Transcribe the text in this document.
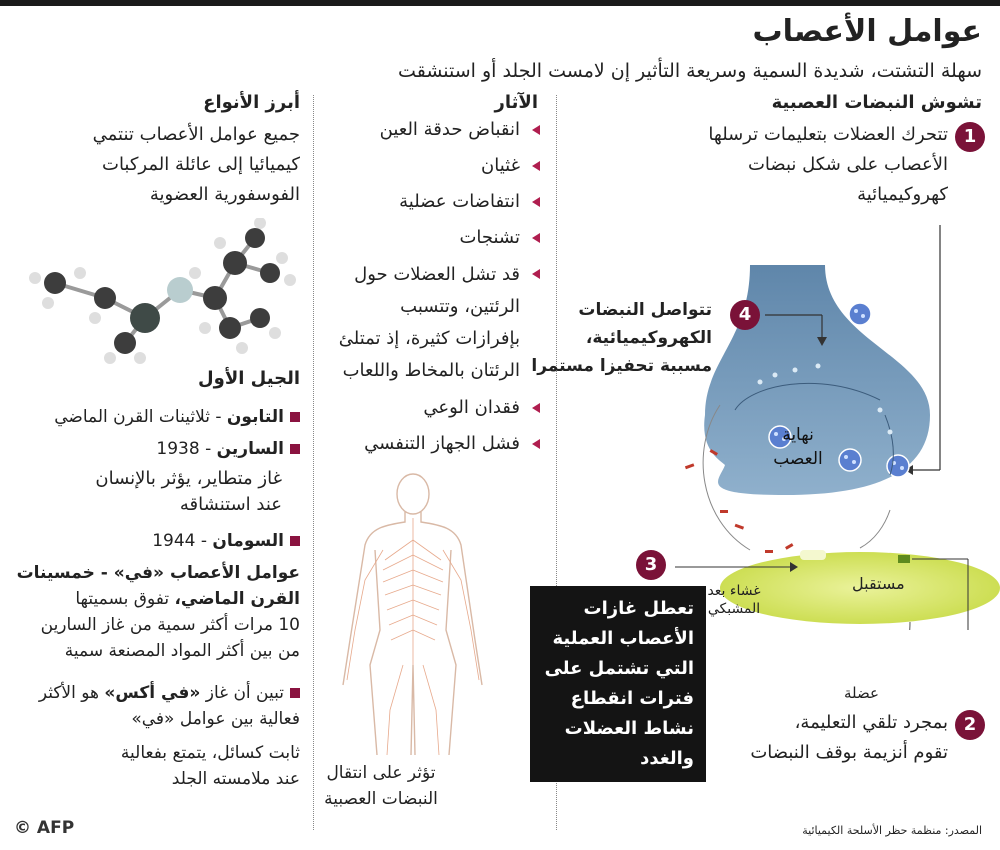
عوامل الأعصاب
سهلة التشتت، شديدة السمية وسريعة التأثير إن لامست الجلد أو استنشقت
تشوش النبضات العصبية
1
تتحرك العضلات بتعليمات ترسلها
الأعصاب على شكل نبضات
كهروكيميائية
4
تتواصل النبضات
الكهروكيميائية،
مسببة تحفيزا مستمرا
نهاية
العصب
3
مستقبل
غشاء بعد
المشبكي
عضلة
2
بمجرد تلقي التعليمة،
تقوم أنزيمة بوقف النبضات
تعطل غازات
الأعصاب العملية
التي تشتمل على
فترات انقطاع
نشاط العضلات
والغدد
الآثار
انقباض حدقة العين
غثيان
انتفاضات عضلية
تشنجات
قد تشل العضلات حول الرئتين، وتتسبب بإفرازات كثيرة، إذ تمتلئ الرئتان بالمخاط واللعاب
فقدان الوعي
فشل الجهاز التنفسي
تؤثر على انتقال
النبضات العصبية
أبرز الأنواع
جميع عوامل الأعصاب تنتمي
كيميائيا إلى عائلة المركبات
الفوسفورية العضوية
الجيل الأول
التابون - ثلاثينات القرن الماضي
السارين - 1938
غاز متطاير، يؤثر بالإنسان
عند استنشاقه
السومان - 1944
عوامل الأعصاب «في» - خمسينات
القرن الماضي، تفوق بسميتها
10 مرات أكثر سمية من غاز السارين
من بين أكثر المواد المصنعة سمية
تبين أن غاز «في أكس» هو الأكثر
فعالية بين عوامل «في»
ثابت كسائل، يتمتع بفعالية
عند ملامسته الجلد
المصدر: منظمة حظر الأسلحة الكيميائية
© AFP
